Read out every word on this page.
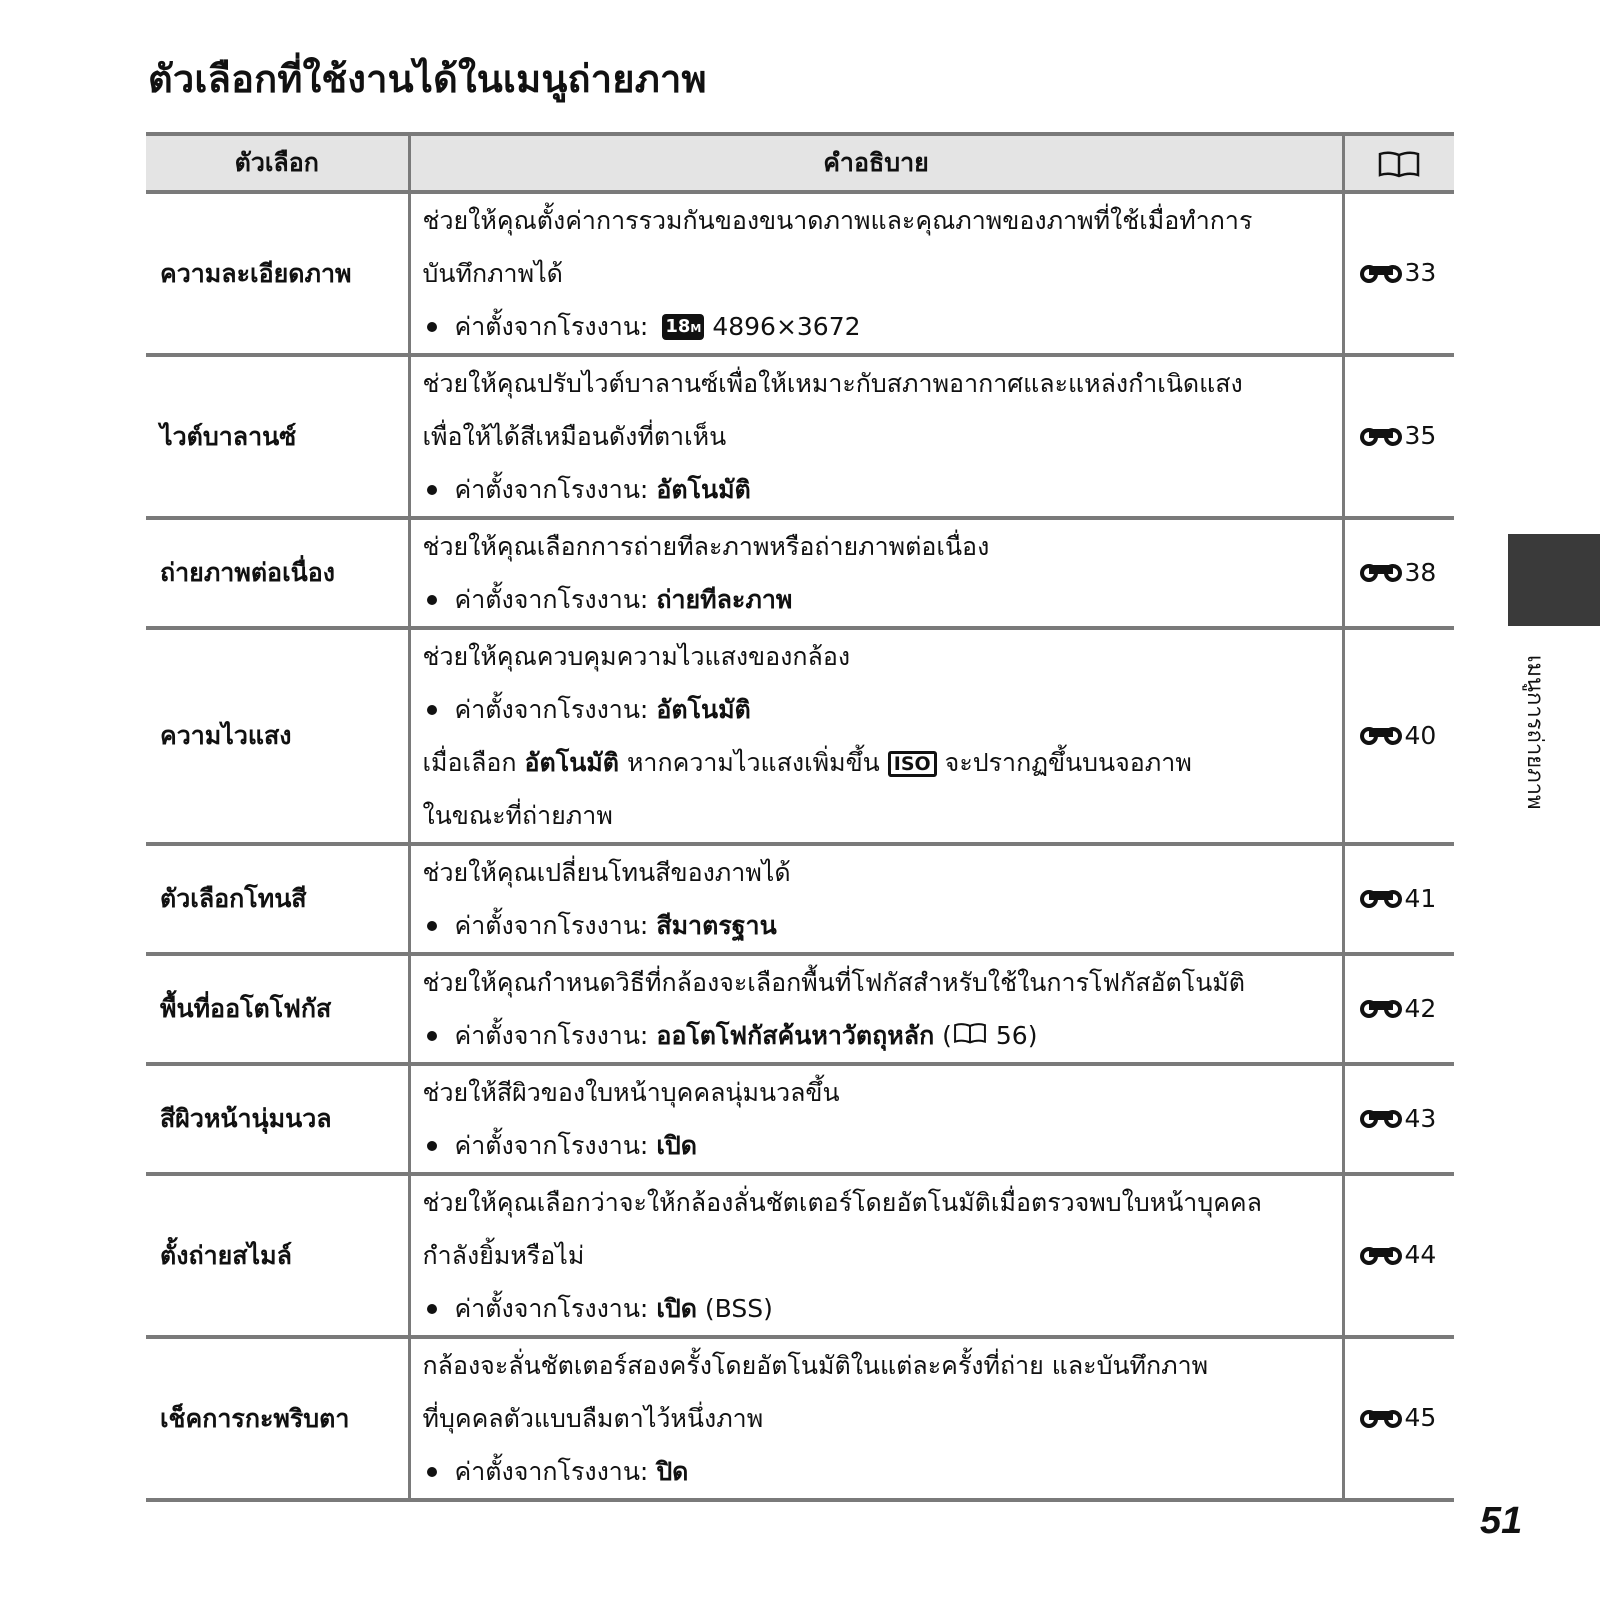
ตัวเลือกที่ใช้งานได้ในเมนูถ่ายภาพ
ตัวเลือก	คำอธิบาย	
ความละเอียดภาพ	ช่วยให้คุณตั้งค่าการรวมกันของขนาดภาพและคุณภาพของภาพที่ใช้เมื่อทำการ
บันทึกภาพได้
ค่าตั้งจากโรงงาน:
18M 4896×3672	33
ไวต์บาลานซ์	ช่วยให้คุณปรับไวต์บาลานซ์เพื่อให้เหมาะกับสภาพอากาศและแหล่งกำเนิดแสง
เพื่อให้ได้สีเหมือนดังที่ตาเห็น
ค่าตั้งจากโรงงาน:
อัตโนมัติ	35
ถ่ายภาพต่อเนื่อง	ช่วยให้คุณเลือกการถ่ายทีละภาพหรือถ่ายภาพต่อเนื่อง
ค่าตั้งจากโรงงาน:
ถ่ายทีละภาพ	38
ความไวแสง	ช่วยให้คุณควบคุมความไวแสงของกล้อง
ค่าตั้งจากโรงงาน:
อัตโนมัติ
เมื่อเลือก อัตโนมัติ หากความไวแสงเพิ่มขึ้น ISO จะปรากฏขึ้นบนจอภาพ
ในขณะที่ถ่ายภาพ	40
ตัวเลือกโทนสี	ช่วยให้คุณเปลี่ยนโทนสีของภาพได้
ค่าตั้งจากโรงงาน:
สีมาตรฐาน	41
พื้นที่ออโตโฟกัส	ช่วยให้คุณกำหนดวิธีที่กล้องจะเลือกพื้นที่โฟกัสสำหรับใช้ในการโฟกัสอัตโนมัติ
ค่าตั้งจากโรงงาน:
ออโตโฟกัสค้นหาวัตถุหลัก
(
56)	42
สีผิวหน้านุ่มนวล	ช่วยให้สีผิวของใบหน้าบุคคลนุ่มนวลขึ้น
ค่าตั้งจากโรงงาน:
เปิด	43
ตั้งถ่ายสไมล์	ช่วยให้คุณเลือกว่าจะให้กล้องลั่นชัตเตอร์โดยอัตโนมัติเมื่อตรวจพบใบหน้าบุคคล
กำลังยิ้มหรือไม่
ค่าตั้งจากโรงงาน:
เปิด
(BSS)	44
เช็คการกะพริบตา	กล้องจะลั่นชัตเตอร์สองครั้งโดยอัตโนมัติในแต่ละครั้งที่ถ่าย และบันทึกภาพ
ที่บุคคลตัวแบบลืมตาไว้หนึ่งภาพ
ค่าตั้งจากโรงงาน:
ปิด	45
เมนูการถ่ายภาพ
51
